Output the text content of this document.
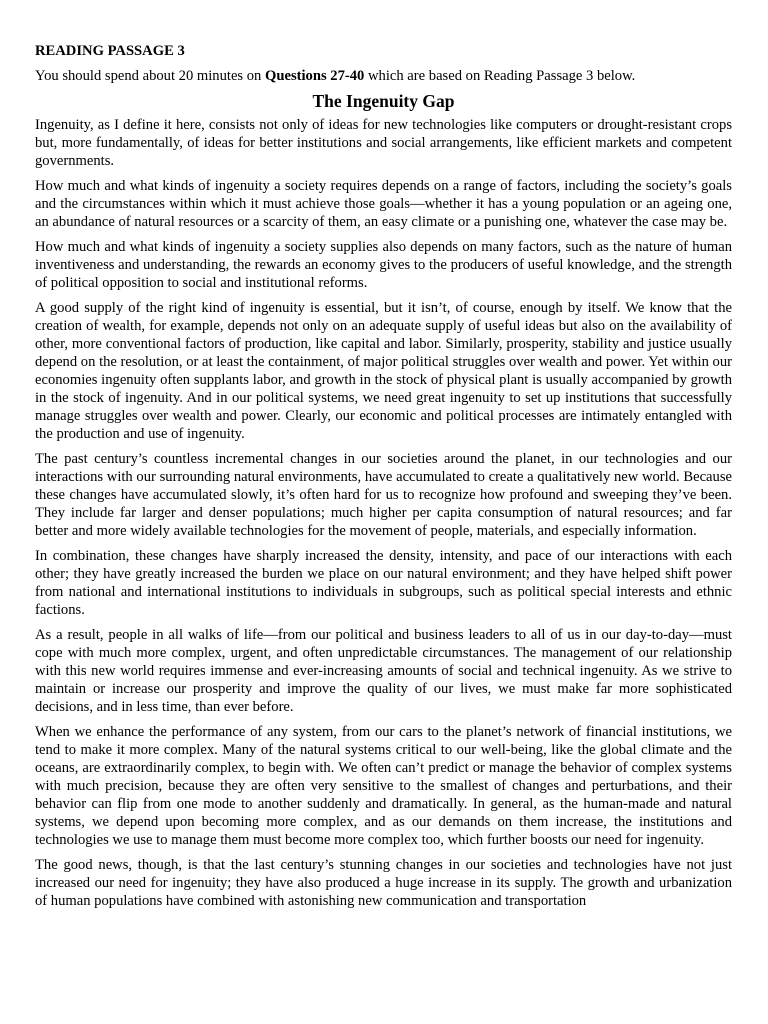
READING PASSAGE 3
You should spend about 20 minutes on Questions 27-40 which are based on Reading Passage 3 below.
The Ingenuity Gap

Ingenuity, as I define it here, consists not only of ideas for new technologies like computers or drought-resistant crops but, more fundamentally, of ideas for better institutions and social arrangements, like efficient markets and competent governments.

How much and what kinds of ingenuity a society requires depends on a range of factors, including the society’s goals and the circumstances within which it must achieve those goals—whether it has a young population or an ageing one, an abundance of natural resources or a scarcity of them, an easy climate or a punishing one, whatever the case may be.

How much and what kinds of ingenuity a society supplies also depends on many factors, such as the nature of human inventiveness and understanding, the rewards an economy gives to the producers of useful knowledge, and the strength of political opposition to social and institutional reforms.

A good supply of the right kind of ingenuity is essential, but it isn’t, of course, enough by itself. We know that the creation of wealth, for example, depends not only on an adequate supply of useful ideas but also on the availability of other, more conventional factors of production, like capital and labor. Similarly, prosperity, stability and justice usually depend on the resolution, or at least the containment, of major political struggles over wealth and power. Yet within our economies ingenuity often supplants labor, and growth in the stock of physical plant is usually accompanied by growth in the stock of ingenuity. And in our political systems, we need great ingenuity to set up institutions that successfully manage struggles over wealth and power. Clearly, our economic and political processes are intimately entangled with the production and use of ingenuity.

The past century’s countless incremental changes in our societies around the planet, in our technologies and our interactions with our surrounding natural environments, have accumulated to create a qualitatively new world. Because these changes have accumulated slowly, it’s often hard for us to recognize how profound and sweeping they’ve been. They include far larger and denser populations; much higher per capita consumption of natural resources; and far better and more widely available technologies for the movement of people, materials, and especially information.

In combination, these changes have sharply increased the density, intensity, and pace of our interactions with each other; they have greatly increased the burden we place on our natural environment; and they have helped shift power from national and international institutions to individuals in subgroups, such as political special interests and ethnic factions.

As a result, people in all walks of life—from our political and business leaders to all of us in our day-to-day—must cope with much more complex, urgent, and often unpredictable circumstances. The management of our relationship with this new world requires immense and ever-increasing amounts of social and technical ingenuity. As we strive to maintain or increase our prosperity and improve the quality of our lives, we must make far more sophisticated decisions, and in less time, than ever before.

When we enhance the performance of any system, from our cars to the planet’s network of financial institutions, we tend to make it more complex. Many of the natural systems critical to our well-being, like the global climate and the oceans, are extraordinarily complex, to begin with. We often can’t predict or manage the behavior of complex systems with much precision, because they are often very sensitive to the smallest of changes and perturbations, and their behavior can flip from one mode to another suddenly and dramatically. In general, as the human-made and natural systems, we depend upon becoming more complex, and as our demands on them increase, the institutions and technologies we use to manage them must become more complex too, which further boosts our need for ingenuity.

The good news, though, is that the last century’s stunning changes in our societies and technologies have not just increased our need for ingenuity; they have also produced a huge increase in its supply. The growth and urbanization of human populations have combined with astonishing new communication and transportation
